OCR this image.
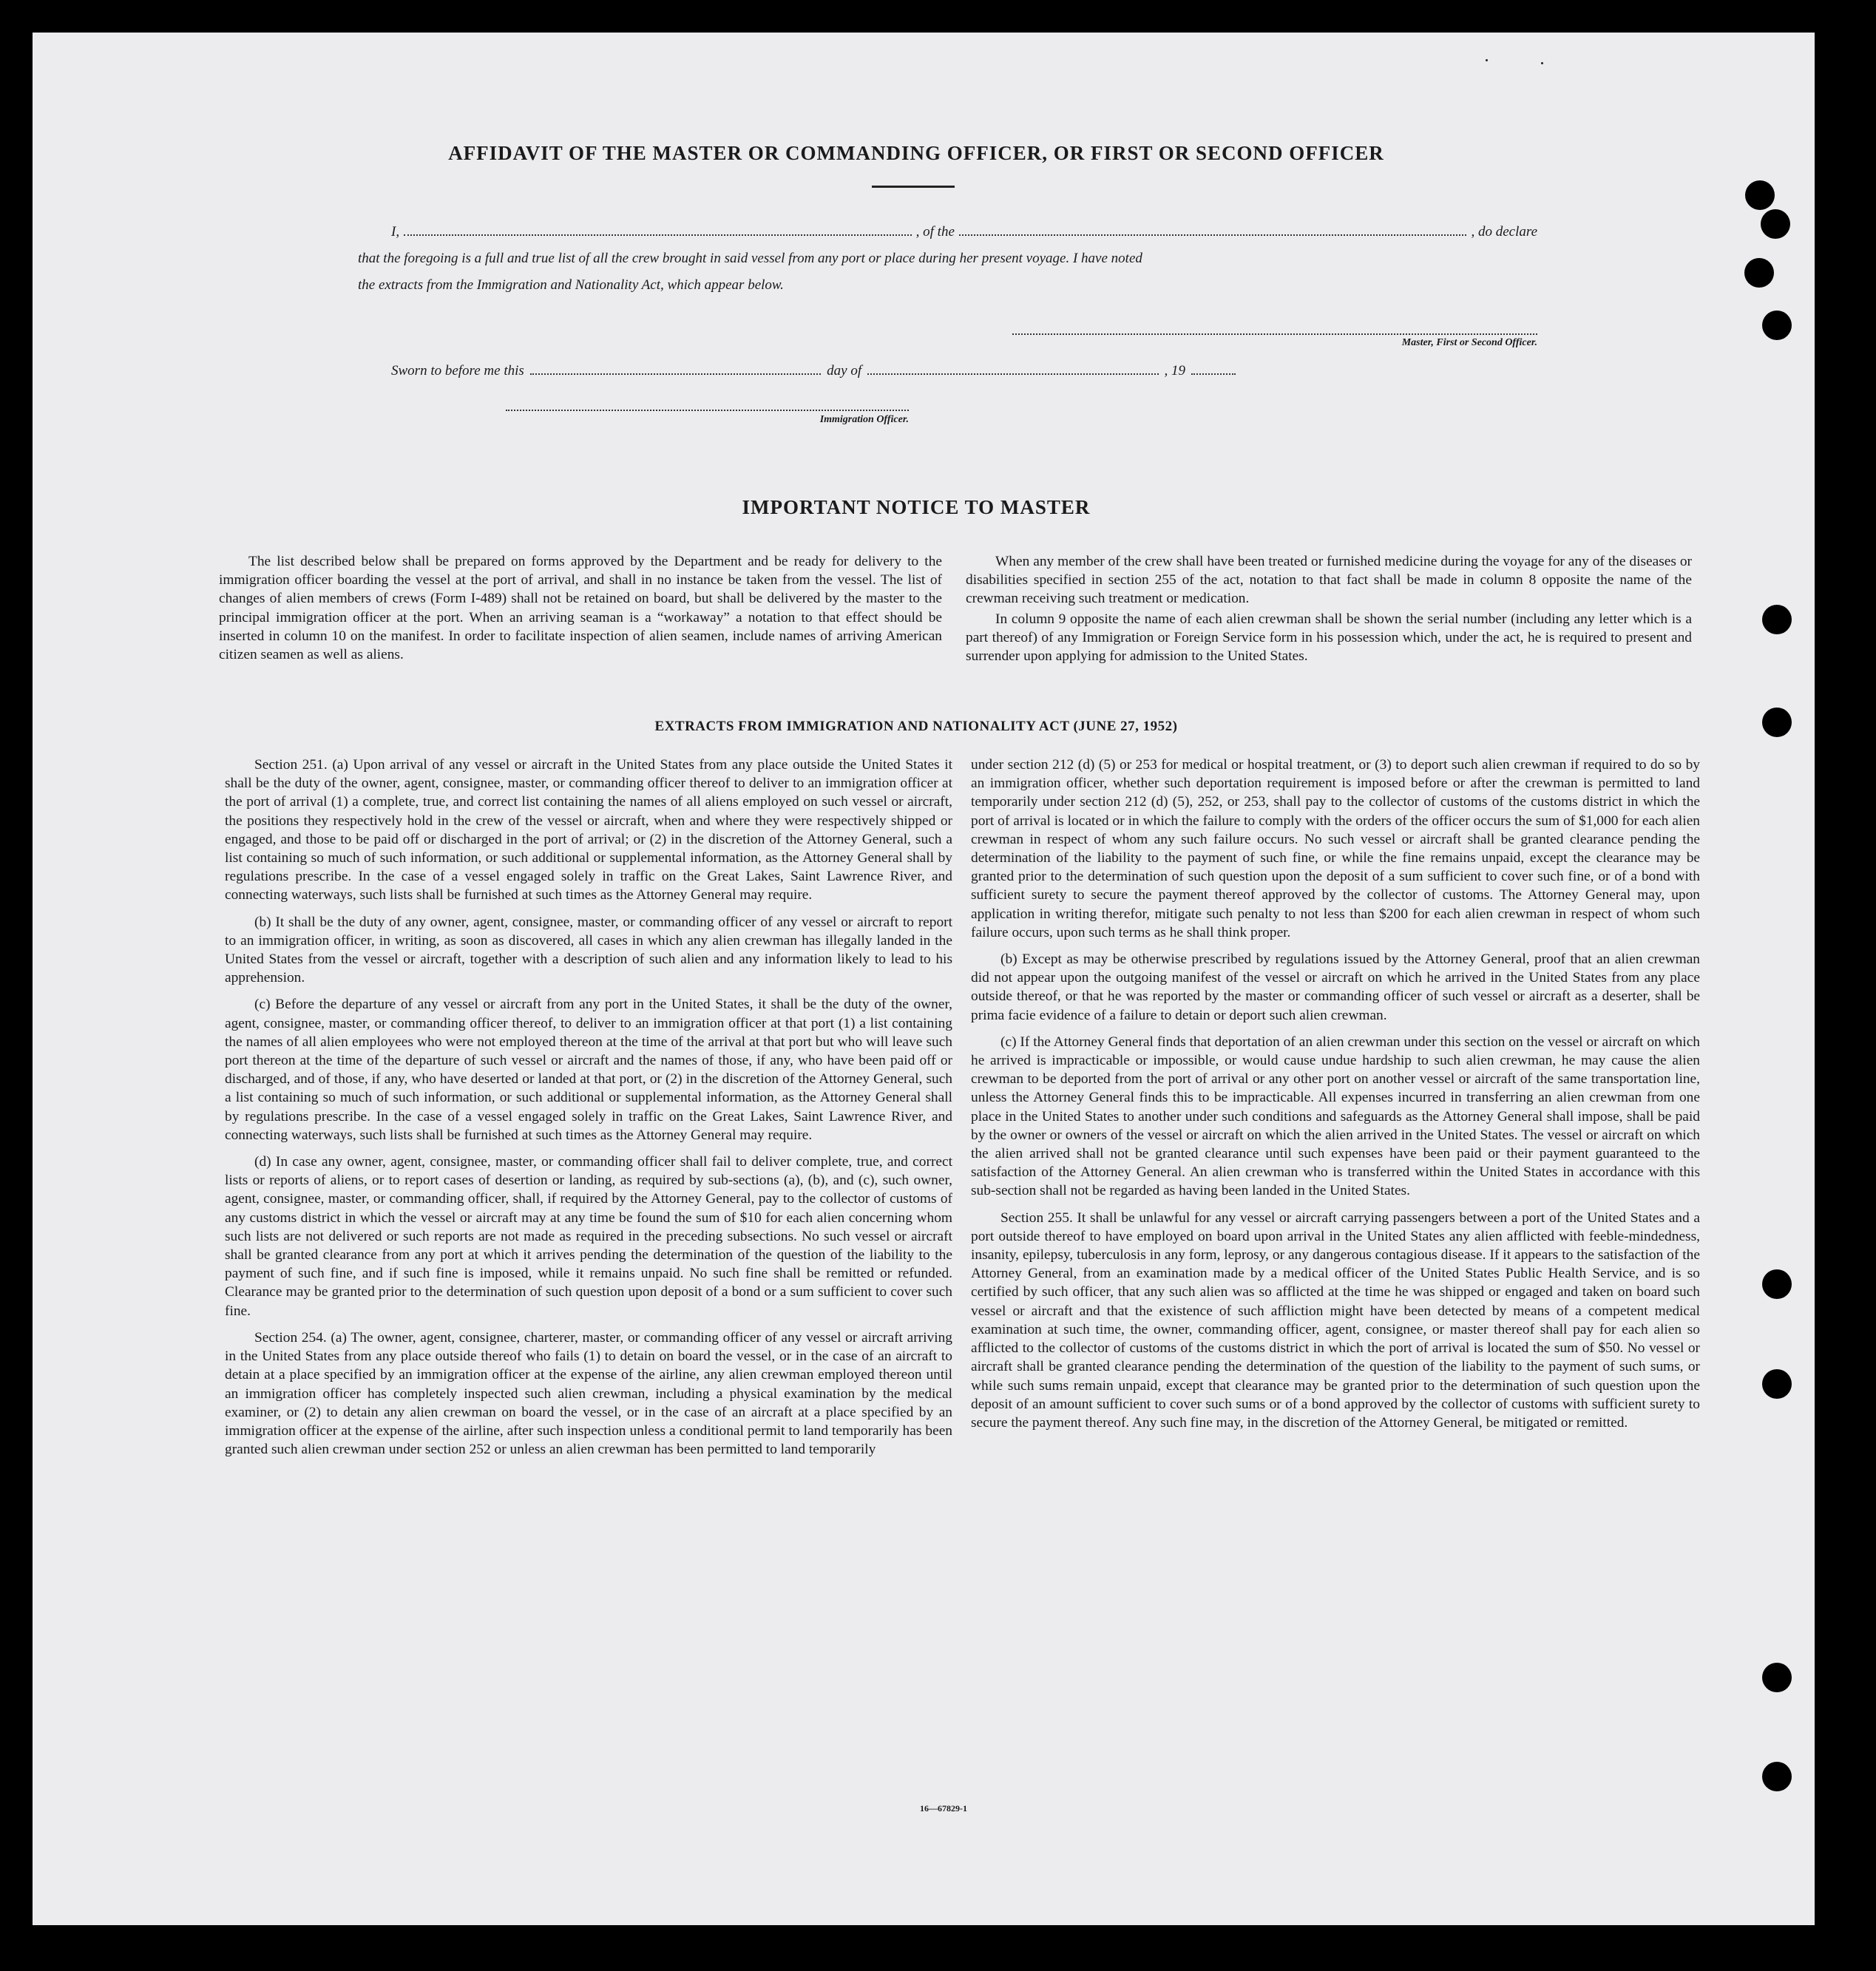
AFFIDAVIT OF THE MASTER OR COMMANDING OFFICER, OR FIRST OR SECOND OFFICER
I,	, of the	, do declare
that the foregoing is a full and true list of all the crew brought in said vessel from any port or place during her present voyage. I have noted
the extracts from the Immigration and Nationality Act, which appear below.
Master, First or Second Officer.
Sworn to before me this	day of	, 19
Immigration Officer.
IMPORTANT NOTICE TO MASTER

The list described below shall be prepared on forms approved by the Department and be ready for delivery to the immigration officer boarding the vessel at the port of arrival, and shall in no instance be taken from the vessel. The list of changes of alien members of crews (Form I-489) shall not be retained on board, but shall be delivered by the master to the principal immigration officer at the port. When an arriving seaman is a “workaway” a notation to that effect should be inserted in column 10 on the manifest. In order to facilitate inspection of alien seamen, include names of arriving American citizen seamen as well as aliens.

When any member of the crew shall have been treated or furnished medicine during the voyage for any of the diseases or disabilities specified in section 255 of the act, notation to that fact shall be made in column 8 opposite the name of the crewman receiving such treatment or medication.

In column 9 opposite the name of each alien crewman shall be shown the serial number (including any letter which is a part thereof) of any Immigration or Foreign Service form in his possession which, under the act, he is required to present and surrender upon applying for admission to the United States.

EXTRACTS FROM IMMIGRATION AND NATIONALITY ACT (JUNE 27, 1952)

Section 251. (a) Upon arrival of any vessel or aircraft in the United States from any place outside the United States it shall be the duty of the owner, agent, consignee, master, or commanding officer thereof to deliver to an immigration officer at the port of arrival (1) a complete, true, and correct list containing the names of all aliens employed on such vessel or aircraft, the positions they respectively hold in the crew of the vessel or aircraft, when and where they were respectively shipped or engaged, and those to be paid off or discharged in the port of arrival; or (2) in the discretion of the Attorney General, such a list containing so much of such information, or such additional or supplemental information, as the Attorney General shall by regulations prescribe. In the case of a vessel engaged solely in traffic on the Great Lakes, Saint Lawrence River, and connecting waterways, such lists shall be furnished at such times as the Attorney General may require.

(b) It shall be the duty of any owner, agent, consignee, master, or commanding officer of any vessel or aircraft to report to an immigration officer, in writing, as soon as discovered, all cases in which any alien crewman has illegally landed in the United States from the vessel or aircraft, together with a description of such alien and any information likely to lead to his apprehension.

(c) Before the departure of any vessel or aircraft from any port in the United States, it shall be the duty of the owner, agent, consignee, master, or commanding officer thereof, to deliver to an immigration officer at that port (1) a list containing the names of all alien employees who were not employed thereon at the time of the arrival at that port but who will leave such port thereon at the time of the departure of such vessel or aircraft and the names of those, if any, who have been paid off or discharged, and of those, if any, who have deserted or landed at that port, or (2) in the discretion of the Attorney General, such a list containing so much of such information, or such additional or supplemental information, as the Attorney General shall by regulations prescribe. In the case of a vessel engaged solely in traffic on the Great Lakes, Saint Lawrence River, and connecting waterways, such lists shall be furnished at such times as the Attorney General may require.

(d) In case any owner, agent, consignee, master, or commanding officer shall fail to deliver complete, true, and correct lists or reports of aliens, or to report cases of desertion or landing, as required by sub-sections (a), (b), and (c), such owner, agent, consignee, master, or commanding officer, shall, if required by the Attorney General, pay to the collector of customs of any customs district in which the vessel or aircraft may at any time be found the sum of $10 for each alien concerning whom such lists are not delivered or such reports are not made as required in the preceding subsections. No such vessel or aircraft shall be granted clearance from any port at which it arrives pending the determination of the question of the liability to the payment of such fine, and if such fine is imposed, while it remains unpaid. No such fine shall be remitted or refunded. Clearance may be granted prior to the determination of such question upon deposit of a bond or a sum sufficient to cover such fine.

Section 254. (a) The owner, agent, consignee, charterer, master, or commanding officer of any vessel or aircraft arriving in the United States from any place outside thereof who fails (1) to detain on board the vessel, or in the case of an aircraft to detain at a place specified by an immigration officer at the expense of the airline, any alien crewman employed thereon until an immigration officer has completely inspected such alien crewman, including a physical examination by the medical examiner, or (2) to detain any alien crewman on board the vessel, or in the case of an aircraft at a place specified by an immigration officer at the expense of the airline, after such inspection unless a conditional permit to land temporarily has been granted such alien crewman under section 252 or unless an alien crewman has been permitted to land temporarily

under section 212 (d) (5) or 253 for medical or hospital treatment, or (3) to deport such alien crewman if required to do so by an immigration officer, whether such deportation requirement is imposed before or after the crewman is permitted to land temporarily under section 212 (d) (5), 252, or 253, shall pay to the collector of customs of the customs district in which the port of arrival is located or in which the failure to comply with the orders of the officer occurs the sum of $1,000 for each alien crewman in respect of whom any such failure occurs. No such vessel or aircraft shall be granted clearance pending the determination of the liability to the payment of such fine, or while the fine remains unpaid, except the clearance may be granted prior to the determination of such question upon the deposit of a sum sufficient to cover such fine, or of a bond with sufficient surety to secure the payment thereof approved by the collector of customs. The Attorney General may, upon application in writing therefor, mitigate such penalty to not less than $200 for each alien crewman in respect of whom such failure occurs, upon such terms as he shall think proper.

(b) Except as may be otherwise prescribed by regulations issued by the Attorney General, proof that an alien crewman did not appear upon the outgoing manifest of the vessel or aircraft on which he arrived in the United States from any place outside thereof, or that he was reported by the master or commanding officer of such vessel or aircraft as a deserter, shall be prima facie evidence of a failure to detain or deport such alien crewman.

(c) If the Attorney General finds that deportation of an alien crewman under this section on the vessel or aircraft on which he arrived is impracticable or impossible, or would cause undue hardship to such alien crewman, he may cause the alien crewman to be deported from the port of arrival or any other port on another vessel or aircraft of the same transportation line, unless the Attorney General finds this to be impracticable. All expenses incurred in transferring an alien crewman from one place in the United States to another under such conditions and safeguards as the Attorney General shall impose, shall be paid by the owner or owners of the vessel or aircraft on which the alien arrived in the United States. The vessel or aircraft on which the alien arrived shall not be granted clearance until such expenses have been paid or their payment guaranteed to the satisfaction of the Attorney General. An alien crewman who is transferred within the United States in accordance with this sub-section shall not be regarded as having been landed in the United States.

Section 255. It shall be unlawful for any vessel or aircraft carrying passengers between a port of the United States and a port outside thereof to have employed on board upon arrival in the United States any alien afflicted with feeble-mindedness, insanity, epilepsy, tuberculosis in any form, leprosy, or any dangerous contagious disease. If it appears to the satisfaction of the Attorney General, from an examination made by a medical officer of the United States Public Health Service, and is so certified by such officer, that any such alien was so afflicted at the time he was shipped or engaged and taken on board such vessel or aircraft and that the existence of such affliction might have been detected by means of a competent medical examination at such time, the owner, commanding officer, agent, consignee, or master thereof shall pay for each alien so afflicted to the collector of customs of the customs district in which the port of arrival is located the sum of $50. No vessel or aircraft shall be granted clearance pending the determination of the question of the liability to the payment of such sums, or while such sums remain unpaid, except that clearance may be granted prior to the determination of such question upon the deposit of an amount sufficient to cover such sums or of a bond approved by the collector of customs with sufficient surety to secure the payment thereof. Any such fine may, in the discretion of the Attorney General, be mitigated or remitted.

16—67829-1
